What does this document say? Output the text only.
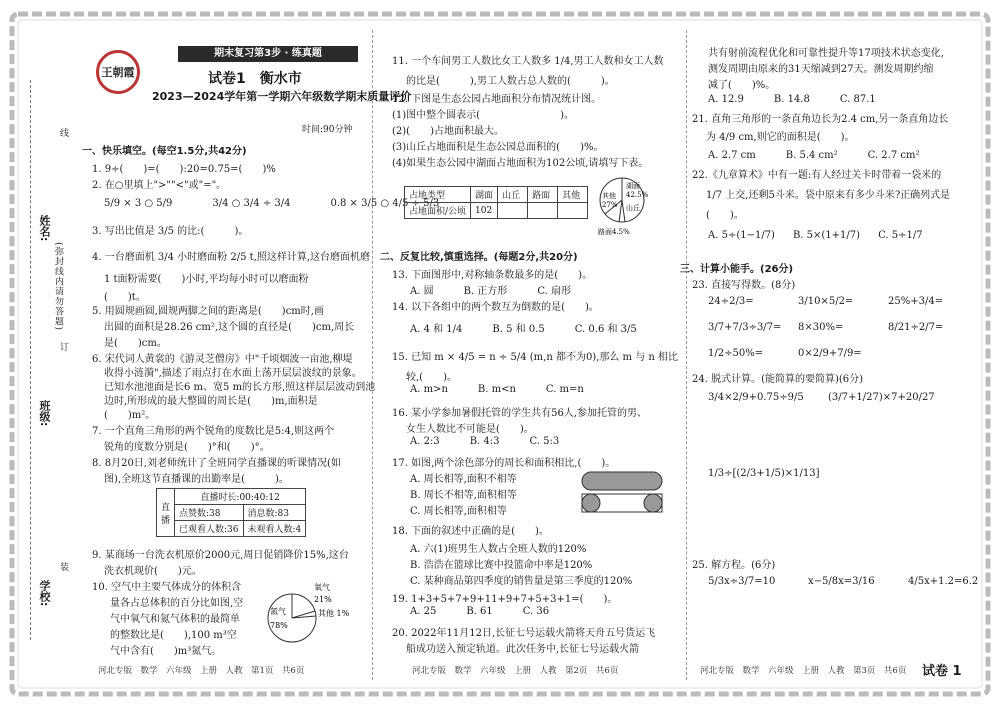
姓名:
班级:
学校:
(弥封线内请勿答题)
线
订
装
王朝霞
期末复习第3步 · 练真题
试卷1　衡水市
2023—2024学年第一学期六年级数学期末质量评价
时间:90分钟
一、快乐填空。(每空1.5分,共42分)
1. 9÷(　　)=(　　):20=0.75=(　　)%
2. 在○里填上">""<"或"="。
5/9 × 3 ○ 5/9　　　　3/4 ○ 3/4 ÷ 3/4　　　　0.8 × 3/5 ○ 4/5 ÷ 5/3
3. 写出比值是 3/5 的比:(　　　)。
4. 一台磨面机 3/4 小时磨面粉 2/5 t,照这样计算,这台磨面机磨
1 t面粉需要(　　)小时,平均每小时可以磨面粉
(　　)t。
5. 用圆规画圆,圆规两脚之间的距离是(　　)cm时,画
出圆的面积是28.26 cm²,这个圆的直径是(　　)cm,周长
是(　　)cm。
6. 宋代词人黄裳的《游灵芝僧房》中"千顷烟波一亩池,柳堤
收得小涟漪",描述了雨点打在水面上荡开层层波纹的景象。
已知水池池面是长6 m、宽5 m的长方形,照这样层层波动到池
边时,所形成的最大整圆的周长是(　　)m,面积是
(　　)m²。
7. 一个直角三角形的两个锐角的度数比是5:4,则这两个
锐角的度数分别是(　　)°和(　　)°。
8. 8月20日,刘老师统计了全班同学直播课的听课情况(如
图),全班这节直播课的出勤率是(　　　)。
直播	直播时长:00:40:12	
	点赞数:38	消息数:83
	已观看人数:36	未观看人数:4
9. 某商场一台洗衣机原价2000元,周日促销降价15%,这台
洗衣机现价(　　)元。
10. 空气中主要气体成分的体积含
量各占总体积的百分比如图,空
气中氧气和氮气体积的最简单
的整数比是(　　),100 m³空
气中含有(　　)m³氮气。
氮气
78%
氧气
21%
其他 1%
11. 一个车间男工人数比女工人数多 1/4,男工人数和女工人数
的比是(　　　),男工人数占总人数的(　　　)。
12. 下图是生态公园占地面积分布情况统计图。
(1)图中整个圆表示(　　　　　　　　)。
(2)(　　)占地面积最大。
(3)山丘占地面积是生态公园总面积的(　　)%。
(4)如果生态公园中湖面占地面积为102公顷,请填写下表。
占地类型	湖面	山丘	路面	其他
占地面积/公顷	102			
湖面
42.5%
其他
27% 山丘
路面4.5%
二、反复比较,慎重选择。(每题2分,共20分)
13. 下面图形中,对称轴条数最多的是(　　)。
A. 圆	B. 正方形	C. 扇形
14. 以下各组中的两个数互为倒数的是(　　)。
A. 4 和 1/4	B. 5 和 0.5	C. 0.6 和 3/5
15. 已知 m × 4/5 = n ÷ 5/4 (m,n 都不为0),那么 m 与 n 相比
较,(　　)。
A. m>n	B. m<n	C. m=n
16. 某小学参加暑假托管的学生共有56人,参加托管的男、
女生人数比不可能是(　　)。
A. 2:3	B. 4:3	C. 5:3
17. 如图,两个涂色部分的周长和面积相比,(　　)。
A. 周长相等,面积不相等
B. 周长不相等,面积相等
C. 周长相等,面积相等
18. 下面的叙述中正确的是(　　)。
A. 六(1)班男生人数占全班人数的120%
B. 浩浩在篮球比赛中投篮命中率是120%
C. 某种商品第四季度的销售量是第三季度的120%
19. 1+3+5+7+9+11+9+7+5+3+1=(　　)。
A. 25	B. 61	C. 36
20. 2022年11月12日,长征七号运载火箭将天舟五号货运飞
船成功送入预定轨道。此次任务中,长征七号运载火箭
共有射前流程优化和可靠性提升等17项技术状态变化,
测发周期由原来的31天缩减到27天。测发周期约缩
减了(　　)%。
A. 12.9	B. 14.8	C. 87.1
21. 直角三角形的一条直角边长为2.4 cm,另一条直角边长
为 4/9 cm,则它的面积是(　　)。
A. 2.7 cm	B. 5.4 cm²	C. 2.7 cm²
22.《九章算术》中有一题:有人经过关卡时带着一袋米的
1/7 上交,还剩5斗米。袋中原来有多少斗米?正确列式是
(　　)。
A. 5÷(1−1/7) B. 5×(1+1/7) C. 5÷1/7
三、计算小能手。(26分)
23. 直接写得数。(8分)
24÷2/3=	3/10×5/2=	25%+3/4=
3/7+7/3÷3/7= 8×30%=	8/21÷2/7=
1/2÷50%=	0×2/9+7/9=
24. 脱式计算。(能简算的要简算)(6分)
3/4×2/9+0.75÷9/5 (3/7+1/27)×7+20/27
1/3÷[(2/3+1/5)×1/13]
25. 解方程。(6分)
5/3x÷3/7=10	x−5/8x=3/16	4/5x+1.2=6.2
河北专版　数学　六年级　上册　人教　第1页　共6页	河北专版　数学　六年级　上册　人教　第2页　共6页	河北专版　数学　六年级　上册　人教　第3页　共6页 试卷 1
